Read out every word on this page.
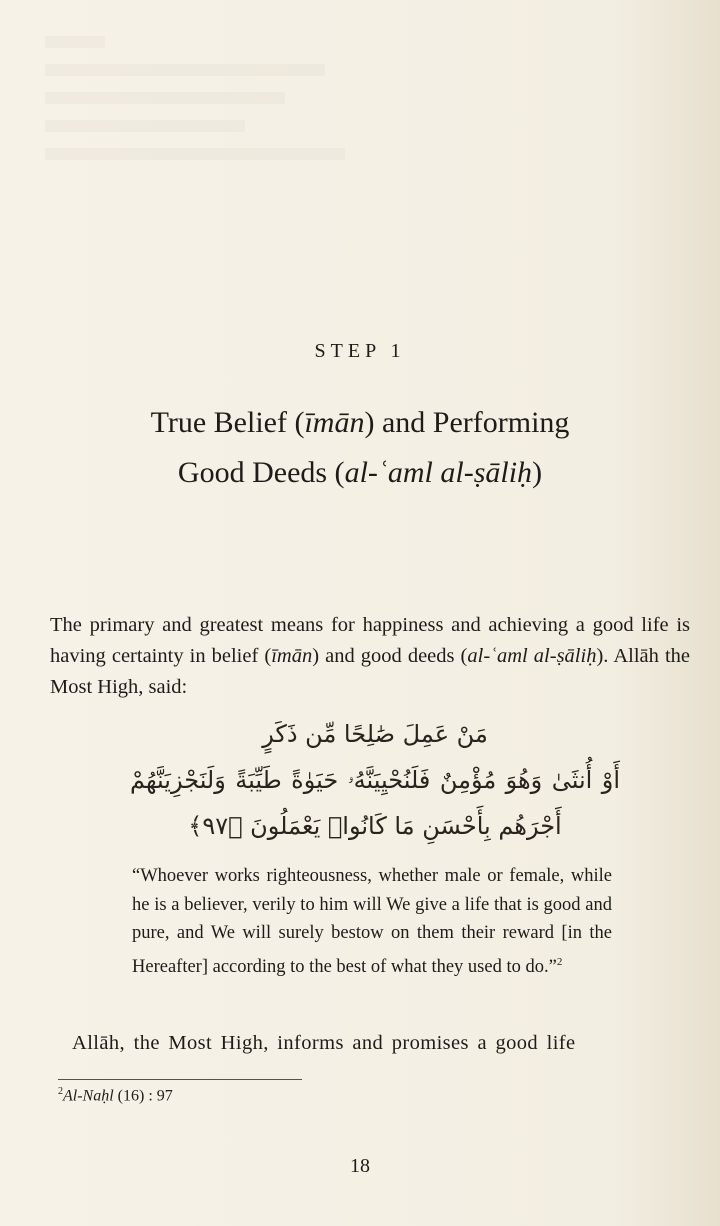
STEP 1
True Belief (īmān) and Performing
Good Deeds (al-ʿaml al-ṣāliḥ)
The primary and greatest means for happiness and achieving a good life is having certainty in belief (īmān) and good deeds (al-ʿaml al-ṣāliḥ). Allāh the Most High, said:
مَنْ عَمِلَ صَٰلِحًا مِّن ذَكَرٍ
أَوْ أُنثَىٰ وَهُوَ مُؤْمِنٌ فَلَنُحْيِيَنَّهُۥ حَيَوٰةً طَيِّبَةً وَلَنَجْزِيَنَّهُمْ
أَجْرَهُم بِأَحْسَنِ مَا كَانُوا۟ يَعْمَلُونَ ﴿٩٧﴾
“Whoever works righteousness, whether male or female, while he is a believer, verily to him will We give a life that is good and pure, and We will surely bestow on them their reward [in the Hereafter] according to the best of what they used to do.”$^2$
Allāh, the Most High, informs and promises a good life
$^2$Al-Naḥl (16) : 97
18
